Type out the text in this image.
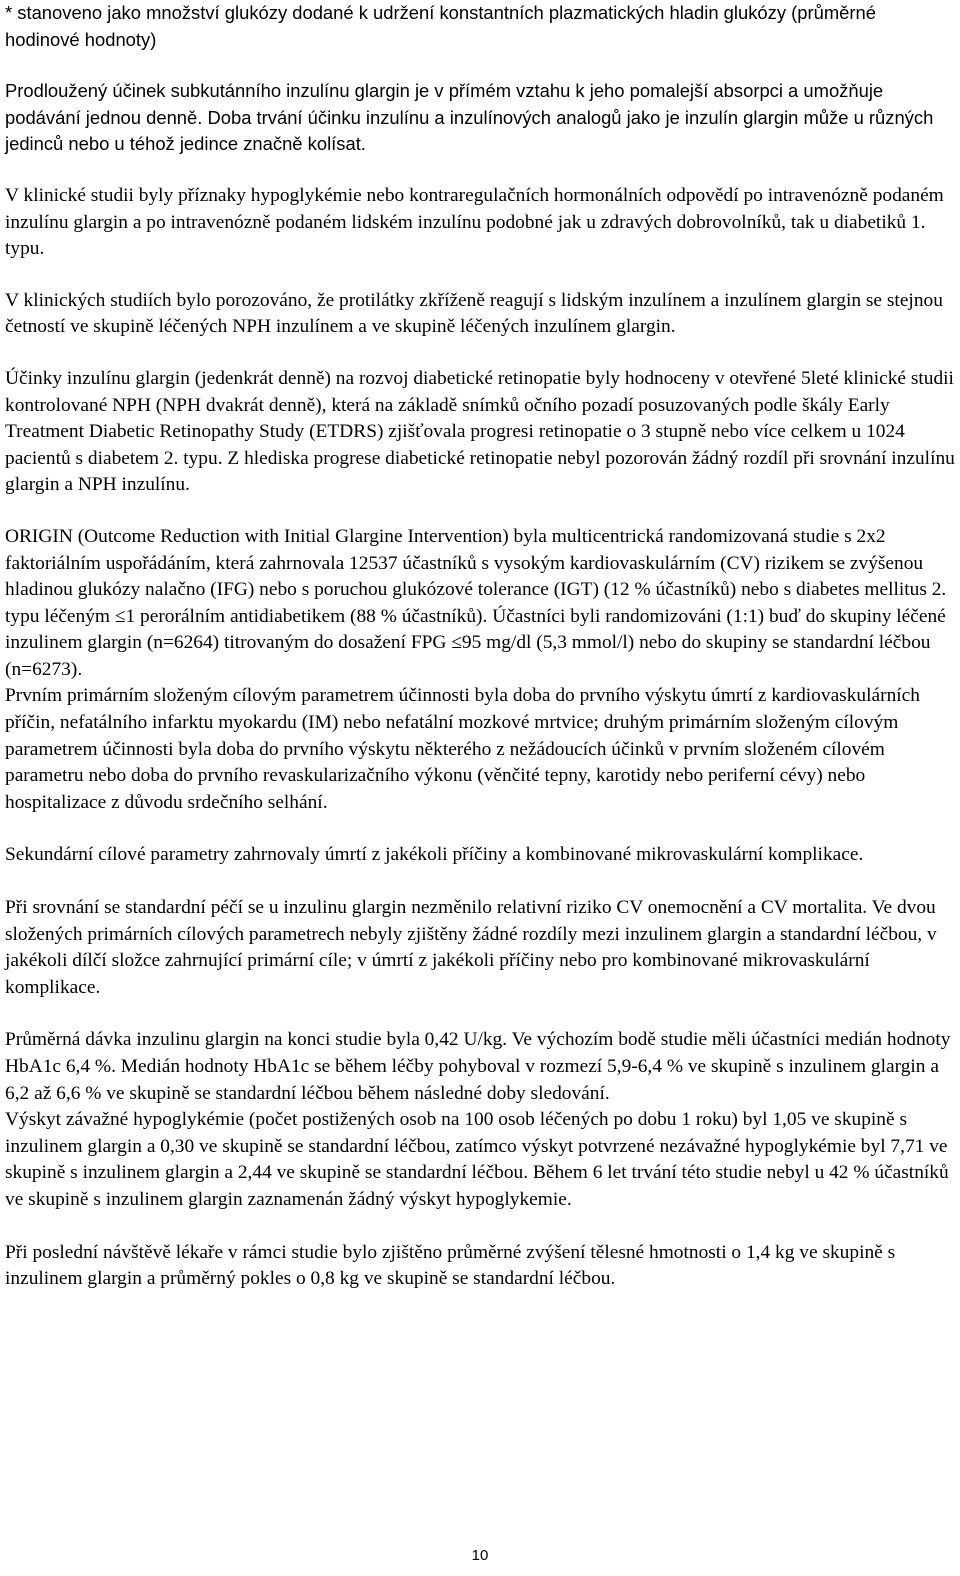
* stanoveno jako množství glukózy dodané k udržení konstantních plazmatických hladin glukózy (průměrné hodinové hodnoty)

Prodloužený účinek subkutánního inzulínu glargin je v přímém vztahu k jeho pomalejší absorpci a umožňuje podávání jednou denně. Doba trvání účinku inzulínu a inzulínových analogů jako je inzulín glargin může u různých jedinců nebo u téhož jedince značně kolísat.

V klinické studii byly příznaky hypoglykémie nebo kontraregulačních hormonálních odpovědí po intravenózně podaném inzulínu glargin a po intravenózně podaném lidském inzulínu podobné jak u zdravých dobrovolníků, tak u diabetiků 1. typu.

V klinických studiích bylo porozováno, že protilátky zkříženě reagují s lidským inzulínem a inzulínem glargin se stejnou četností ve skupině léčených NPH inzulínem a ve skupině léčených inzulínem glargin.

Účinky inzulínu glargin (jedenkrát denně) na rozvoj diabetické retinopatie byly hodnoceny v otevřené 5leté klinické studii kontrolované NPH (NPH dvakrát denně), která na základě snímků očního pozadí posuzovaných podle škály Early Treatment Diabetic Retinopathy Study (ETDRS) zjišťovala progresi retinopatie o 3 stupně nebo více celkem u 1024 pacientů s diabetem 2. typu. Z hlediska progrese diabetické retinopatie nebyl pozorován žádný rozdíl při srovnání inzulínu glargin a NPH inzulínu.

ORIGIN (Outcome Reduction with Initial Glargine Intervention) byla multicentrická randomizovaná studie s 2x2 faktoriálním uspořádáním, která zahrnovala 12537 účastníků s vysokým kardiovaskulárním (CV) rizikem se zvýšenou hladinou glukózy nalačno (IFG) nebo s poruchou glukózové tolerance (IGT) (12 % účastníků) nebo s diabetes mellitus 2. typu léčeným ≤1 perorálním antidiabetikem (88 % účastníků). Účastníci byli randomizováni (1:1) buď do skupiny léčené inzulinem glargin (n=6264) titrovaným do dosažení FPG ≤95 mg/dl (5,3 mmol/l) nebo do skupiny se standardní léčbou (n=6273).

Prvním primárním složeným cílovým parametrem účinnosti byla doba do prvního výskytu úmrtí z kardiovaskulárních příčin, nefatálního infarktu myokardu (IM) nebo nefatální mozkové mrtvice; druhým primárním složeným cílovým parametrem účinnosti byla doba do prvního výskytu některého z nežádoucích účinků v prvním složeném cílovém parametru nebo doba do prvního revaskularizačního výkonu (věnčité tepny, karotidy nebo periferní cévy) nebo hospitalizace z důvodu srdečního selhání.

Sekundární cílové parametry zahrnovaly úmrtí z jakékoli příčiny a kombinované mikrovaskulární komplikace.

Při srovnání se standardní péčí se u inzulinu glargin nezměnilo relativní riziko CV onemocnění a CV mortalita. Ve dvou složených primárních cílových parametrech nebyly zjištěny žádné rozdíly mezi inzulinem glargin a standardní léčbou, v jakékoli dílčí složce zahrnující primární cíle; v úmrtí z jakékoli příčiny nebo pro kombinované mikrovaskulární komplikace.

Průměrná dávka inzulinu glargin na konci studie byla 0,42 U/kg. Ve výchozím bodě studie měli účastníci medián hodnoty HbA1c 6,4 %. Medián hodnoty HbA1c se během léčby pohyboval v rozmezí 5,9-6,4 % ve skupině s inzulinem glargin a 6,2 až 6,6 % ve skupině se standardní léčbou během následné doby sledování.

Výskyt závažné hypoglykémie (počet postižených osob na 100 osob léčených po dobu 1 roku) byl 1,05 ve skupině s inzulinem glargin a 0,30 ve skupině se standardní léčbou, zatímco výskyt potvrzené nezávažné hypoglykémie byl 7,71 ve skupině s inzulinem glargin a 2,44 ve skupině se standardní léčbou. Během 6 let trvání této studie nebyl u 42 % účastníků ve skupině s inzulinem glargin zaznamenán žádný výskyt hypoglykemie.

Při poslední návštěvě lékaře v rámci studie bylo zjištěno průměrné zvýšení tělesné hmotnosti o 1,4 kg ve skupině s inzulinem glargin a průměrný pokles o 0,8 kg ve skupině se standardní léčbou.

10
